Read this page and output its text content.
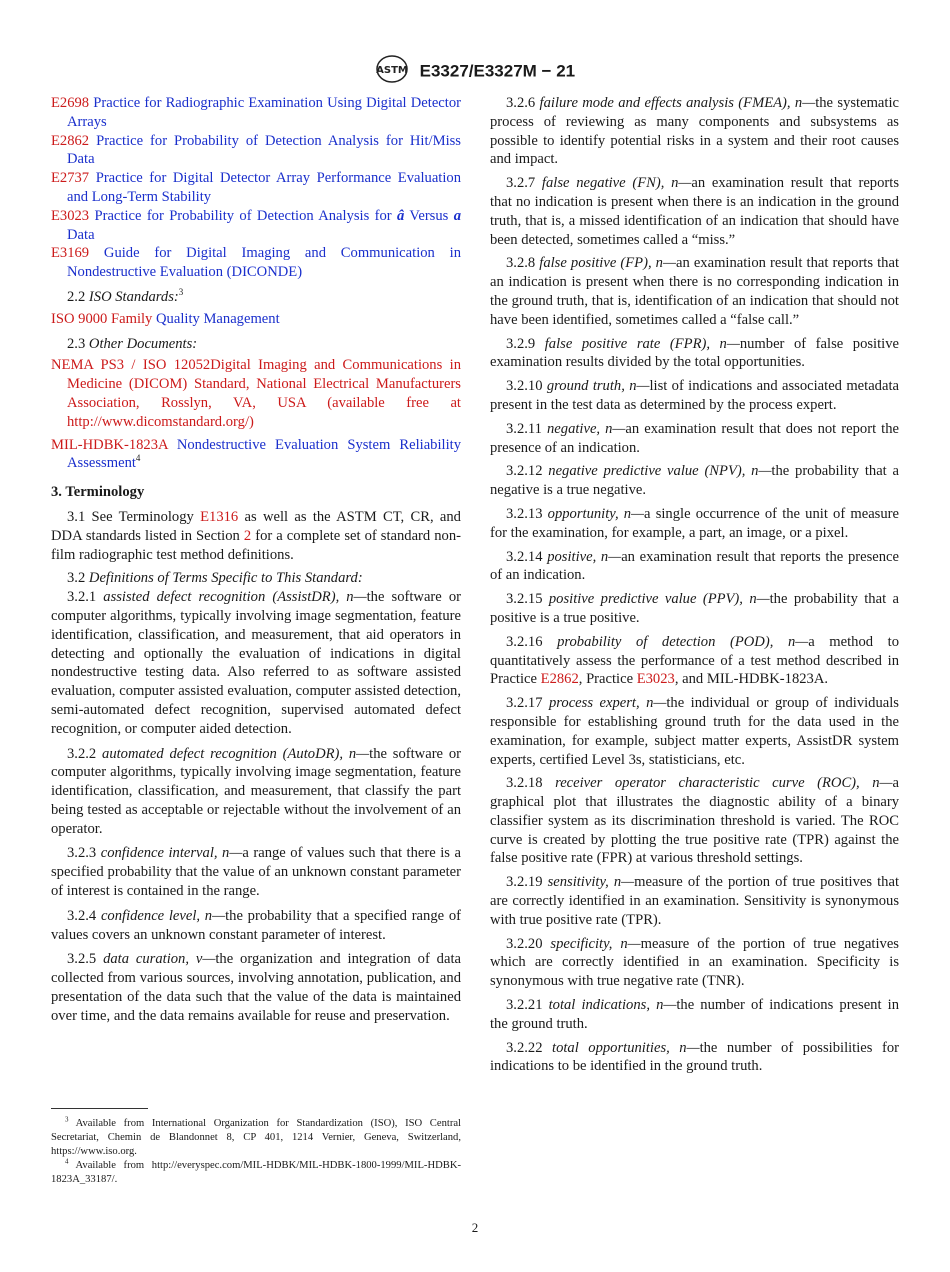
ASTM E3327/E3327M − 21

E2698 Practice for Radiographic Examination Using Digital Detector Arrays

E2862 Practice for Probability of Detection Analysis for Hit/Miss Data

E2737 Practice for Digital Detector Array Performance Evaluation and Long-Term Stability

E3023 Practice for Probability of Detection Analysis for â Versus a Data

E3169 Guide for Digital Imaging and Communication in Nondestructive Evaluation (DICONDE)

2.2 ISO Standards:$^3$

ISO 9000 Family Quality Management

2.3 Other Documents:

NEMA PS3 / ISO 12052Digital Imaging and Communications in Medicine (DICOM) Standard, National Electrical Manufacturers Association, Rosslyn, VA, USA (available free at http://www.dicomstandard.org/)

MIL-HDBK-1823A Nondestructive Evaluation System Reliability Assessment$^4$

3. Terminology

3.1 See Terminology E1316 as well as the ASTM CT, CR, and DDA standards listed in Section 2 for a complete set of standard non-film radiographic test method definitions.

3.2 Definitions of Terms Specific to This Standard:

3.2.1 assisted defect recognition (AssistDR), n—the software or computer algorithms, typically involving image segmentation, feature identification, classification, and measurement, that aid operators in detecting and optionally the evaluation of indications in digital nondestructive testing data. Also referred to as software assisted evaluation, computer assisted evaluation, computer assisted detection, semi-automated defect recognition, supervised automated defect recognition, or computer aided detection.

3.2.2 automated defect recognition (AutoDR), n—the software or computer algorithms, typically involving image segmentation, feature identification, classification, and measurement, that classify the part being tested as acceptable or rejectable without the involvement of an operator.

3.2.3 confidence interval, n—a range of values such that there is a specified probability that the value of an unknown constant parameter of interest is contained in the range.

3.2.4 confidence level, n—the probability that a specified range of values covers an unknown constant parameter of interest.

3.2.5 data curation, v—the organization and integration of data collected from various sources, involving annotation, publication, and presentation of the data such that the value of the data is maintained over time, and the data remains available for reuse and preservation.

3.2.6 failure mode and effects analysis (FMEA), n—the systematic process of reviewing as many components and subsystems as possible to identify potential risks in a system and their root causes and impact.

3.2.7 false negative (FN), n—an examination result that reports that no indication is present when there is an indication in the ground truth, that is, a missed identification of an indication that should have been detected, sometimes called a “miss.”

3.2.8 false positive (FP), n—an examination result that reports that an indication is present when there is no corresponding indication in the ground truth, that is, identification of an indication that should not have been identified, sometimes called a “false call.”

3.2.9 false positive rate (FPR), n—number of false positive examination results divided by the total opportunities.

3.2.10 ground truth, n—list of indications and associated metadata present in the test data as determined by the process expert.

3.2.11 negative, n—an examination result that does not report the presence of an indication.

3.2.12 negative predictive value (NPV), n—the probability that a negative is a true negative.

3.2.13 opportunity, n—a single occurrence of the unit of measure for the examination, for example, a part, an image, or a pixel.

3.2.14 positive, n—an examination result that reports the presence of an indication.

3.2.15 positive predictive value (PPV), n—the probability that a positive is a true positive.

3.2.16 probability of detection (POD), n—a method to quantitatively assess the performance of a test method described in Practice E2862, Practice E3023, and MIL-HDBK-1823A.

3.2.17 process expert, n—the individual or group of individuals responsible for establishing ground truth for the data used in the examination, for example, subject matter experts, AssistDR system experts, certified Level 3s, statisticians, etc.

3.2.18 receiver operator characteristic curve (ROC), n—a graphical plot that illustrates the diagnostic ability of a binary classifier system as its discrimination threshold is varied. The ROC curve is created by plotting the true positive rate (TPR) against the false positive rate (FPR) at various threshold settings.

3.2.19 sensitivity, n—measure of the portion of true positives that are correctly identified in an examination. Sensitivity is synonymous with true positive rate (TPR).

3.2.20 specificity, n—measure of the portion of true negatives which are correctly identified in an examination. Specificity is synonymous with true negative rate (TNR).

3.2.21 total indications, n—the number of indications present in the ground truth.

3.2.22 total opportunities, n—the number of possibilities for indications to be identified in the ground truth.

$^3$ Available from International Organization for Standardization (ISO), ISO Central Secretariat, Chemin de Blandonnet 8, CP 401, 1214 Vernier, Geneva, Switzerland, https://www.iso.org.

$^4$ Available from http://everyspec.com/MIL-HDBK/MIL-HDBK-1800-1999/MIL-HDBK-1823A_33187/.

2
